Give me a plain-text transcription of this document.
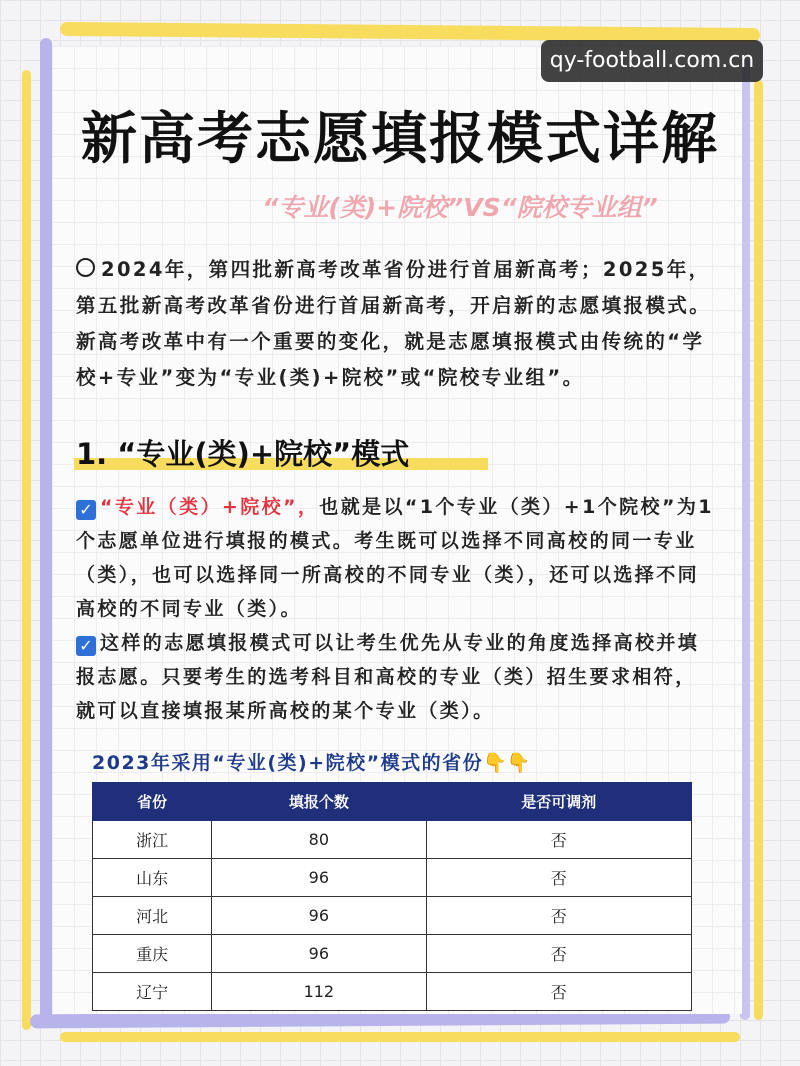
qy-football.com.cn
新高考志愿填报模式详解
“专业(类)+院校”VS“院校专业组”
2024年，第四批新高考改革省份进行首届新高考；2025年，第五批新高考改革省份进行首届新高考，开启新的志愿填报模式。新高考改革中有一个重要的变化，就是志愿填报模式由传统的“学校+专业”变为“专业(类)+院校”或“院校专业组”。
1. “专业(类)+院校”模式
✓ “专业（类）+院校”，也就是以“1个专业（类）+1个院校”为1个志愿单位进行填报的模式。考生既可以选择不同高校的同一专业（类），也可以选择同一所高校的不同专业（类），还可以选择不同高校的不同专业（类）。
✓ 这样的志愿填报模式可以让考生优先从专业的角度选择高校并填报志愿。只要考生的选考科目和高校的专业（类）招生要求相符，就可以直接填报某所高校的某个专业（类）。
2023年采用“专业(类)+院校”模式的省份👇👇
省份	填报个数	是否可调剂
浙江	80	否
山东	96	否
河北	96	否
重庆	96	否
辽宁	112	否
